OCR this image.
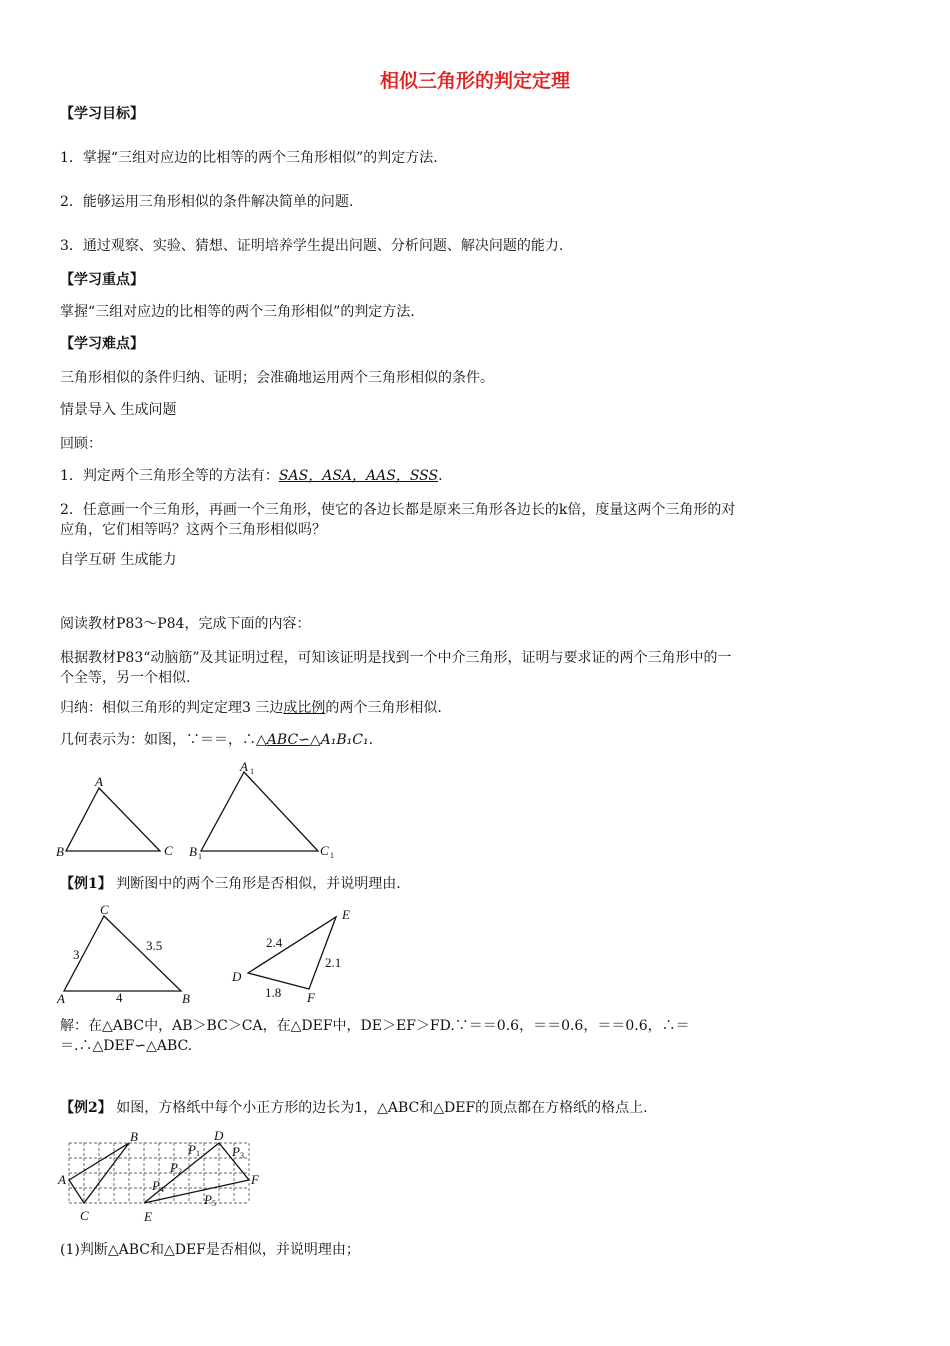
相似三角形的判定定理
【学习目标】
1．掌握“三组对应边的比相等的两个三角形相似”的判定方法.
2．能够运用三角形相似的条件解决简单的问题.
3．通过观察、实验、猜想、证明培养学生提出问题、分析问题、解决问题的能力.
【学习重点】
掌握“三组对应边的比相等的两个三角形相似”的判定方法.
【学习难点】
三角形相似的条件归纳、证明；会准确地运用两个三角形相似的条件。
情景导入 生成问题
回顾：
1．判定两个三角形全等的方法有：SAS，ASA，AAS，SSS.
2．任意画一个三角形，再画一个三角形，使它的各边长都是原来三角形各边长的k倍，度量这两个三角形的对
应角，它们相等吗？这两个三角形相似吗？
自学互研 生成能力
阅读教材P83～P84，完成下面的内容：
根据教材P83“动脑筋”及其证明过程，可知该证明是找到一个中介三角形，证明与要求证的两个三角形中的一
个全等，另一个相似.
归纳：相似三角形的判定定理3 三边成比例的两个三角形相似.
几何表示为：如图，∵＝＝，∴△ABC∽△A₁B₁C₁.
A
B	C
A 1
B 1	C 1
【例1】 判断图中的两个三角形是否相似，并说明理由.
C
A	B
3
3.5
4
E
D
F
2.4
2.1
1.8
解：在△ABC中，AB＞BC＞CA，在△DEF中，DE＞EF＞FD.∵＝＝0.6，＝＝0.6，＝＝0.6，∴＝
＝.∴△DEF∽△ABC.
【例2】 如图，方格纸中每个小正方形的边长为1，△ABC和△DEF的顶点都在方格纸的格点上.
A
B
C
D
E
F
P 1
P 2
P 3
P 4
P 5
(1)判断△ABC和△DEF是否相似，并说明理由；
